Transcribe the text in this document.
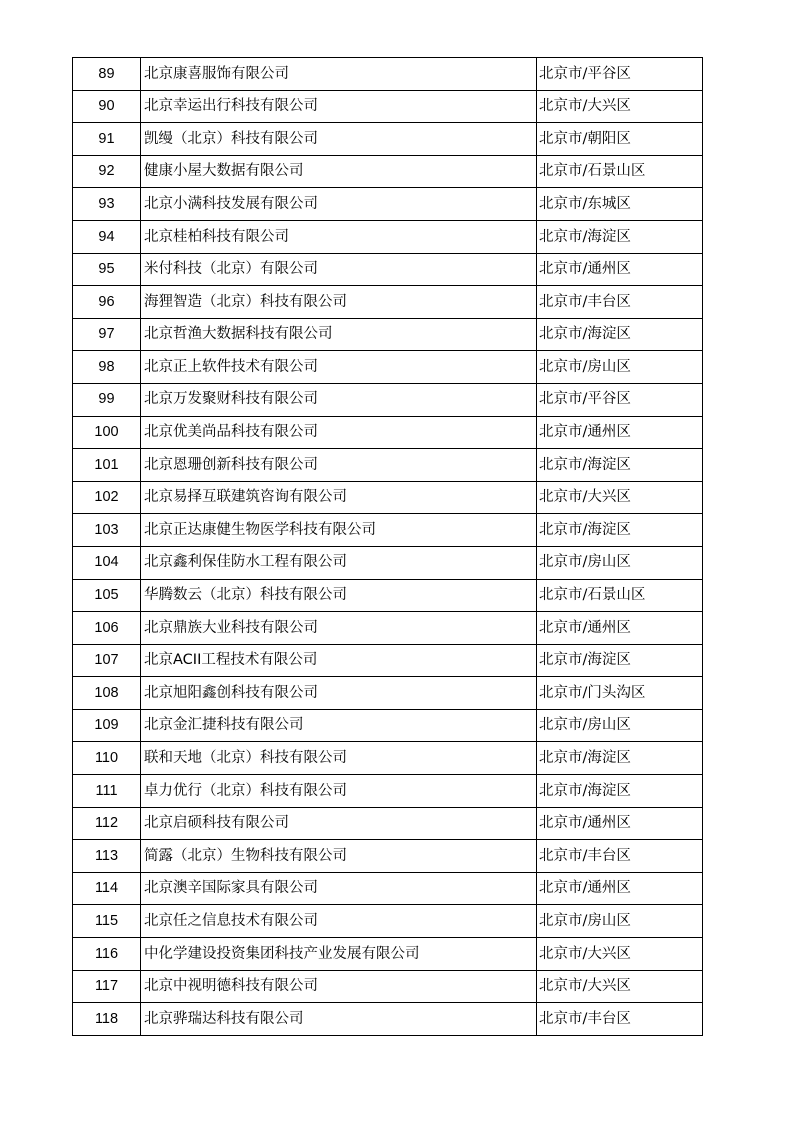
89	北京康喜服饰有限公司	北京市/平谷区
90	北京幸运出行科技有限公司	北京市/大兴区
91	凯缦（北京）科技有限公司	北京市/朝阳区
92	健康小屋大数据有限公司	北京市/石景山区
93	北京小满科技发展有限公司	北京市/东城区
94	北京桂柏科技有限公司	北京市/海淀区
95	米付科技（北京）有限公司	北京市/通州区
96	海狸智造（北京）科技有限公司	北京市/丰台区
97	北京哲渔大数据科技有限公司	北京市/海淀区
98	北京正上软件技术有限公司	北京市/房山区
99	北京万发聚财科技有限公司	北京市/平谷区
100	北京优美尚品科技有限公司	北京市/通州区
101	北京恩珊创新科技有限公司	北京市/海淀区
102	北京易择互联建筑咨询有限公司	北京市/大兴区
103	北京正达康健生物医学科技有限公司	北京市/海淀区
104	北京鑫利保佳防水工程有限公司	北京市/房山区
105	华腾数云（北京）科技有限公司	北京市/石景山区
106	北京鼎族大业科技有限公司	北京市/通州区
107	北京ACII工程技术有限公司	北京市/海淀区
108	北京旭阳鑫创科技有限公司	北京市/门头沟区
109	北京金汇捷科技有限公司	北京市/房山区
110	联和天地（北京）科技有限公司	北京市/海淀区
111	卓力优行（北京）科技有限公司	北京市/海淀区
112	北京启硕科技有限公司	北京市/通州区
113	简露（北京）生物科技有限公司	北京市/丰台区
114	北京澳辛国际家具有限公司	北京市/通州区
115	北京任之信息技术有限公司	北京市/房山区
116	中化学建设投资集团科技产业发展有限公司	北京市/大兴区
117	北京中视明德科技有限公司	北京市/大兴区
118	北京骅瑞达科技有限公司	北京市/丰台区
